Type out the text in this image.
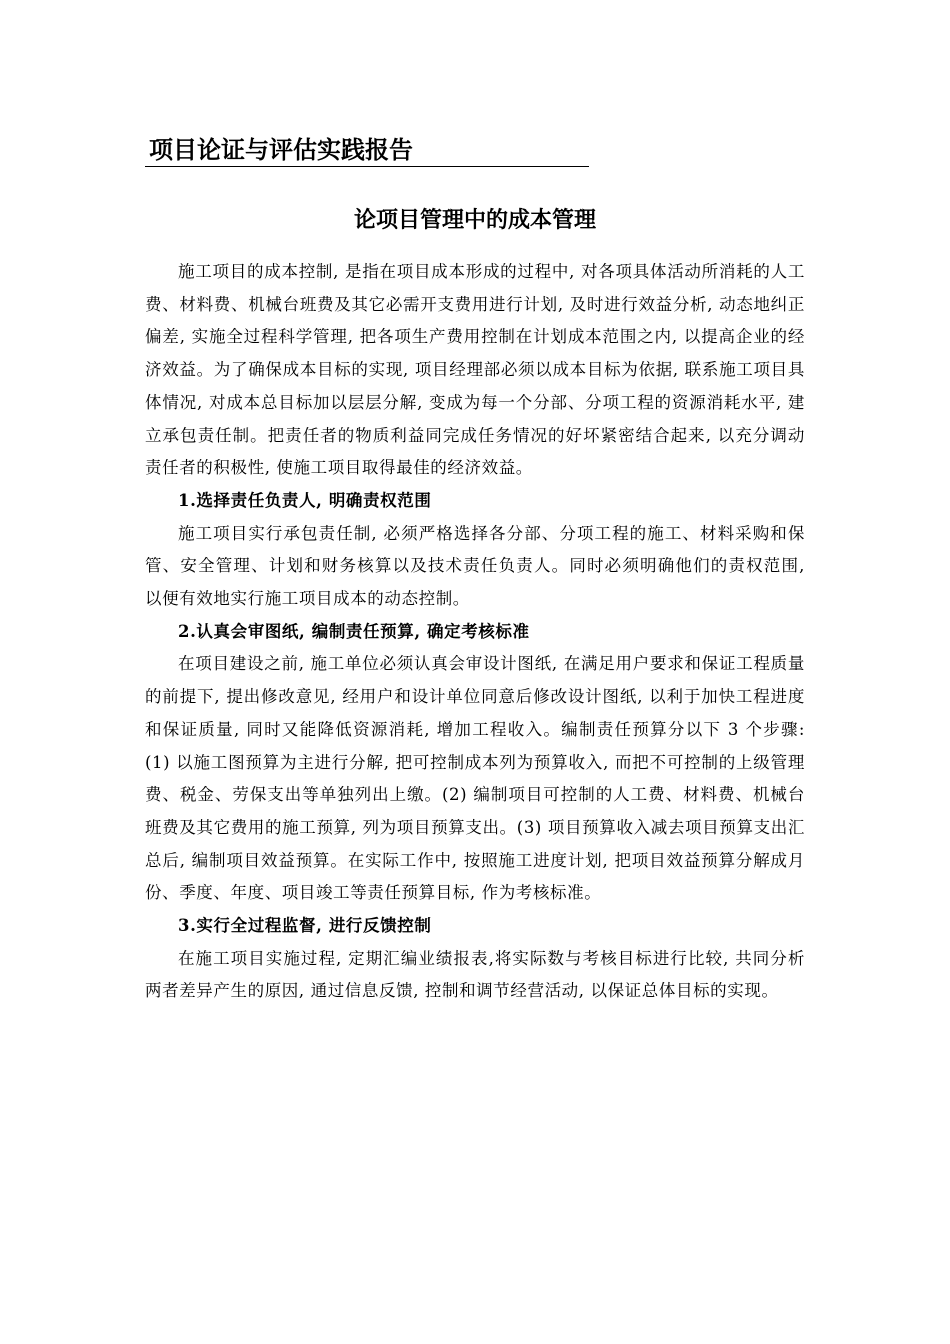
项目论证与评估实践报告
论项目管理中的成本管理

施工项目的成本控制, 是指在项目成本形成的过程中, 对各项具体活动所消耗的人工费、材料费、机械台班费及其它必需开支费用进行计划, 及时进行效益分析, 动态地纠正偏差, 实施全过程科学管理, 把各项生产费用控制在计划成本范围之内, 以提高企业的经济效益。为了确保成本目标的实现, 项目经理部必须以成本目标为依据, 联系施工项目具体情况, 对成本总目标加以层层分解, 变成为每一个分部、分项工程的资源消耗水平, 建立承包责任制。把责任者的物质利益同完成任务情况的好坏紧密结合起来, 以充分调动责任者的积极性, 使施工项目取得最佳的经济效益。

1.选择责任负责人, 明确责权范围

施工项目实行承包责任制, 必须严格选择各分部、分项工程的施工、材料采购和保管、安全管理、计划和财务核算以及技术责任负责人。同时必须明确他们的责权范围, 以便有效地实行施工项目成本的动态控制。

2.认真会审图纸, 编制责任预算, 确定考核标准

在项目建设之前, 施工单位必须认真会审设计图纸, 在满足用户要求和保证工程质量的前提下, 提出修改意见, 经用户和设计单位同意后修改设计图纸, 以利于加快工程进度和保证质量, 同时又能降低资源消耗, 增加工程收入。编制责任预算分以下 3 个步骤: (1) 以施工图预算为主进行分解, 把可控制成本列为预算收入, 而把不可控制的上级管理费、税金、劳保支出等单独列出上缴。(2) 编制项目可控制的人工费、材料费、机械台班费及其它费用的施工预算, 列为项目预算支出。(3) 项目预算收入减去项目预算支出汇总后, 编制项目效益预算。在实际工作中, 按照施工进度计划, 把项目效益预算分解成月份、季度、年度、项目竣工等责任预算目标, 作为考核标准。

3.实行全过程监督, 进行反馈控制

在施工项目实施过程, 定期汇编业绩报表,将实际数与考核目标进行比较, 共同分析两者差异产生的原因, 通过信息反馈, 控制和调节经营活动, 以保证总体目标的实现。
